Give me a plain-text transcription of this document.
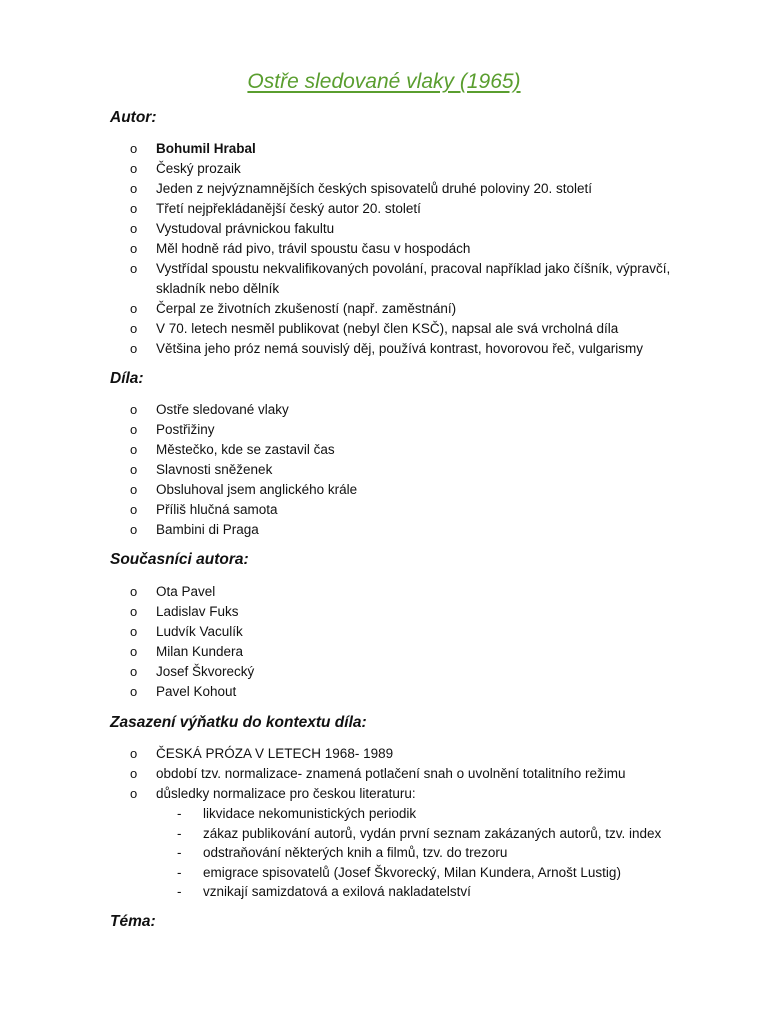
Ostře sledované vlaky (1965)
Autor:
o Bohumil Hrabal
o Český prozaik
o Jeden z nejvýznamnějších českých spisovatelů druhé poloviny 20. století
o Třetí nejpřekládanější český autor 20. století
o Vystudoval právnickou fakultu
o Měl hodně rád pivo, trávil spoustu času v hospodách
o Vystřídal spoustu nekvalifikovaných povolání, pracoval například jako číšník, výpravčí, skladník nebo dělník
o Čerpal ze životních zkušeností (např. zaměstnání)
o V 70. letech nesměl publikovat (nebyl člen KSČ), napsal ale svá vrcholná díla
o Většina jeho próz nemá souvislý děj, používá kontrast, hovorovou řeč, vulgarismy
Díla:
o Ostře sledované vlaky
o Postřižiny
o Městečko, kde se zastavil čas
o Slavnosti sněženek
o Obsluhoval jsem anglického krále
o Příliš hlučná samota
o Bambini di Praga
Současníci autora:
o Ota Pavel
o Ladislav Fuks
o Ludvík Vaculík
o Milan Kundera
o Josef Škvorecký
o Pavel Kohout
Zasazení výňatku do kontextu díla:
o ČESKÁ PRÓZA V LETECH 1968- 1989
o období tzv. normalizace- znamená potlačení snah o uvolnění totalitního režimu
o důsledky normalizace pro českou literaturu:
- likvidace nekomunistických periodik
- zákaz publikování autorů, vydán první seznam zakázaných autorů, tzv. index
- odstraňování některých knih a filmů, tzv. do trezoru
- emigrace spisovatelů (Josef Škvorecký, Milan Kundera, Arnošt Lustig)
- vznikají samizdatová a exilová nakladatelství
Téma:
